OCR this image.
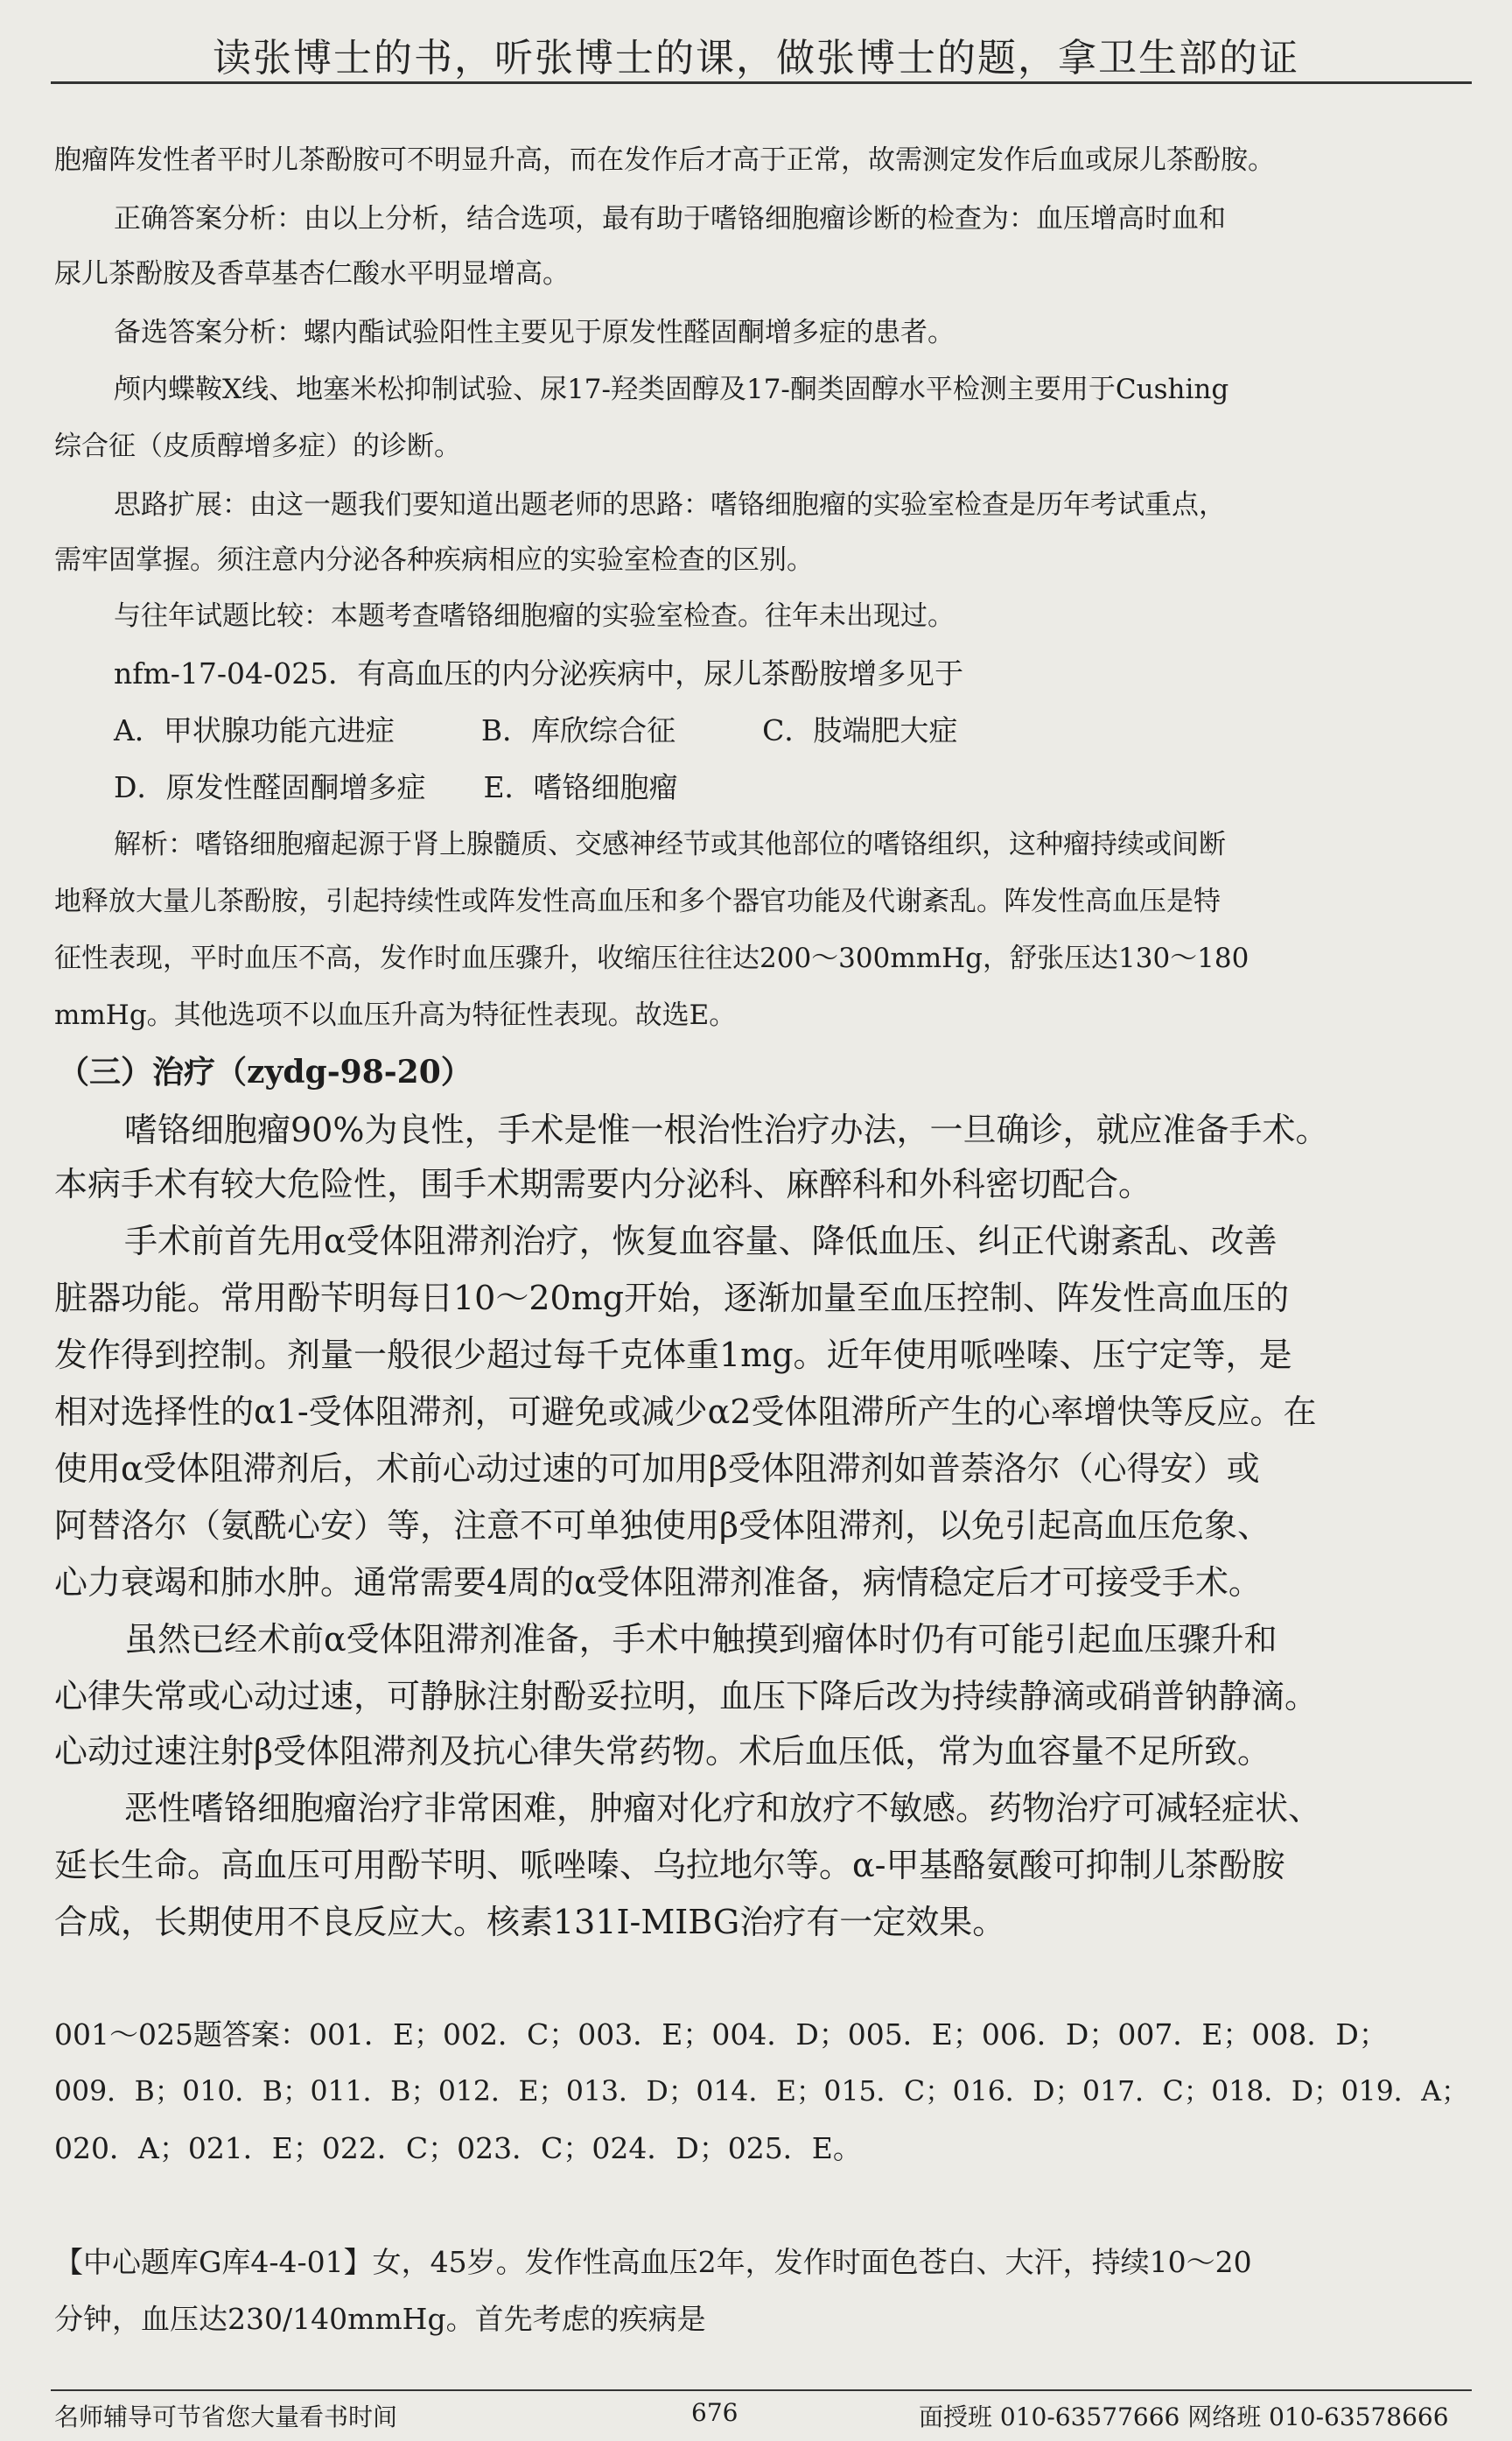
读张博士的书，听张博士的课，做张博士的题，拿卫生部的证
胞瘤阵发性者平时儿茶酚胺可不明显升高，而在发作后才高于正常，故需测定发作后血或尿儿茶酚胺。
正确答案分析：由以上分析，结合选项，最有助于嗜铬细胞瘤诊断的检查为：血压增高时血和
尿儿茶酚胺及香草基杏仁酸水平明显增高。
备选答案分析：螺内酯试验阳性主要见于原发性醛固酮增多症的患者。
颅内蝶鞍X线、地塞米松抑制试验、尿17-羟类固醇及17-酮类固醇水平检测主要用于Cushing
综合征（皮质醇增多症）的诊断。
思路扩展：由这一题我们要知道出题老师的思路：嗜铬细胞瘤的实验室检查是历年考试重点，
需牢固掌握。须注意内分泌各种疾病相应的实验室检查的区别。
与往年试题比较：本题考查嗜铬细胞瘤的实验室检查。往年未出现过。
nfm-17-04-025．有高血压的内分泌疾病中，尿儿茶酚胺增多见于
A．甲状腺功能亢进症　　　B．库欣综合征　　　C．肢端肥大症
D．原发性醛固酮增多症　　E．嗜铬细胞瘤
解析：嗜铬细胞瘤起源于肾上腺髓质、交感神经节或其他部位的嗜铬组织，这种瘤持续或间断
地释放大量儿茶酚胺，引起持续性或阵发性高血压和多个器官功能及代谢紊乱。阵发性高血压是特
征性表现，平时血压不高，发作时血压骤升，收缩压往往达200～300mmHg，舒张压达130～180
mmHg。其他选项不以血压升高为特征性表现。故选E。
（三）治疗（zydg-98-20）
嗜铬细胞瘤90%为良性，手术是惟一根治性治疗办法，一旦确诊，就应准备手术。
本病手术有较大危险性，围手术期需要内分泌科、麻醉科和外科密切配合。
手术前首先用α受体阻滞剂治疗，恢复血容量、降低血压、纠正代谢紊乱、改善
脏器功能。常用酚苄明每日10～20mg开始，逐渐加量至血压控制、阵发性高血压的
发作得到控制。剂量一般很少超过每千克体重1mg。近年使用哌唑嗪、压宁定等，是
相对选择性的α1-受体阻滞剂，可避免或减少α2受体阻滞所产生的心率增快等反应。在
使用α受体阻滞剂后，术前心动过速的可加用β受体阻滞剂如普萘洛尔（心得安）或
阿替洛尔（氨酰心安）等，注意不可单独使用β受体阻滞剂，以免引起高血压危象、
心力衰竭和肺水肿。通常需要4周的α受体阻滞剂准备，病情稳定后才可接受手术。
虽然已经术前α受体阻滞剂准备，手术中触摸到瘤体时仍有可能引起血压骤升和
心律失常或心动过速，可静脉注射酚妥拉明，血压下降后改为持续静滴或硝普钠静滴。
心动过速注射β受体阻滞剂及抗心律失常药物。术后血压低，常为血容量不足所致。
恶性嗜铬细胞瘤治疗非常困难，肿瘤对化疗和放疗不敏感。药物治疗可减轻症状、
延长生命。高血压可用酚苄明、哌唑嗪、乌拉地尔等。α-甲基酪氨酸可抑制儿茶酚胺
合成，长期使用不良反应大。核素131I-MIBG治疗有一定效果。
001～025题答案：001．E；002．C；003．E；004．D；005．E；006．D；007．E；008．D；
009．B；010．B；011．B；012．E；013．D；014．E；015．C；016．D；017．C；018．D；019．A；
020．A；021．E；022．C；023．C；024．D；025．E。
【中心题库G库4-4-01】女，45岁。发作性高血压2年，发作时面色苍白、大汗，持续10～20
分钟，血压达230/140mmHg。首先考虑的疾病是
名师辅导可节省您大量看书时间	676	面授班 010-63577666 网络班 010-63578666
